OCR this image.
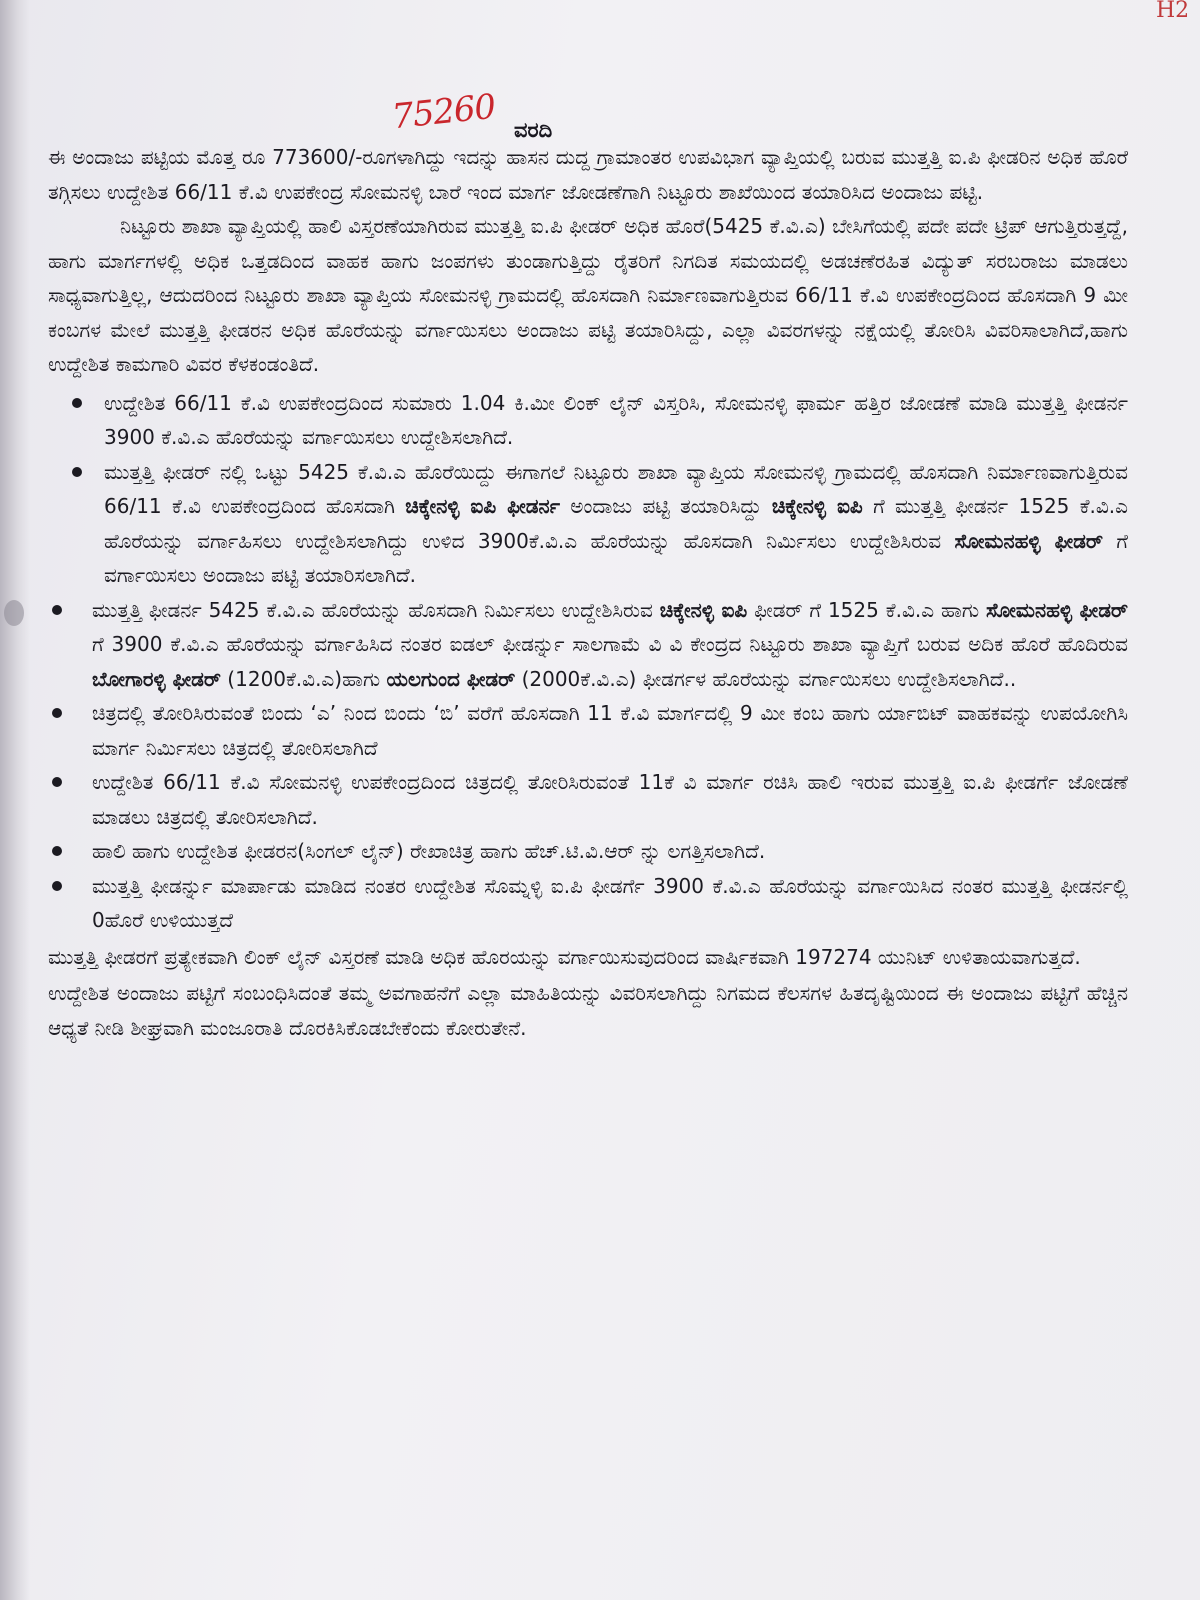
H2
75260 ವರದಿ

ಈ ಅಂದಾಜು ಪಟ್ಟಿಯ ಮೊತ್ತ ರೂ 773600/-ರೂಗಳಾಗಿದ್ದು ಇದನ್ನು ಹಾಸನ ದುದ್ದ ಗ್ರಾಮಾಂತರ ಉಪವಿಭಾಗ ವ್ಯಾಪ್ತಿಯಲ್ಲಿ ಬರುವ ಮುತ್ತತ್ತಿ ಐ.ಪಿ ಫೀಡರಿನ ಅಧಿಕ ಹೊರೆ ತಗ್ಗಿಸಲು ಉದ್ದೇಶಿತ 66/11 ಕೆ.ವಿ ಉಪಕೇಂದ್ರ ಸೋಮನಳ್ಳಿ ಬಾರೆ ಇಂದ ಮಾರ್ಗ ಜೋಡಣೆಗಾಗಿ ನಿಟ್ಟೂರು ಶಾಖೆಯಿಂದ ತಯಾರಿಸಿದ ಅಂದಾಜು ಪಟ್ಟಿ.

ನಿಟ್ಟೂರು ಶಾಖಾ ವ್ಯಾಪ್ತಿಯಲ್ಲಿ ಹಾಲಿ ವಿಸ್ತರಣೆಯಾಗಿರುವ ಮುತ್ತತ್ತಿ ಐ.ಪಿ ಫೀಡರ್ ಅಧಿಕ ಹೊರೆ(5425 ಕೆ.ವಿ.ಎ) ಬೇಸಿಗೆಯಲ್ಲಿ ಪದೇ ಪದೇ ಟ್ರಿಪ್ ಆಗುತ್ತಿರುತ್ತದ್ದೆ, ಹಾಗು ಮಾರ್ಗಗಳಲ್ಲಿ ಅಧಿಕ ಒತ್ತಡದಿಂದ ವಾಹಕ ಹಾಗು ಜಂಪಗಳು ತುಂಡಾಗುತ್ತಿದ್ದು ರೈತರಿಗೆ ನಿಗದಿತ ಸಮಯದಲ್ಲಿ ಅಡಚಣೆರಹಿತ ವಿದ್ಯುತ್ ಸರಬರಾಜು ಮಾಡಲು ಸಾಧ್ಯವಾಗುತ್ತಿಲ್ಲ, ಆದುದರಿಂದ ನಿಟ್ಟೂರು ಶಾಖಾ ವ್ಯಾಪ್ತಿಯ ಸೋಮನಳ್ಳಿ ಗ್ರಾಮದಲ್ಲಿ ಹೊಸದಾಗಿ ನಿರ್ಮಾಣವಾಗುತ್ತಿರುವ 66/11 ಕೆ.ವಿ ಉಪಕೇಂದ್ರದಿಂದ ಹೊಸದಾಗಿ 9 ಮೀ ಕಂಬಗಳ ಮೇಲೆ ಮುತ್ತತ್ತಿ ಫೀಡರನ ಅಧಿಕ ಹೊರೆಯನ್ನು ವರ್ಗಾಯಿಸಲು ಅಂದಾಜು ಪಟ್ಟಿ ತಯಾರಿಸಿದ್ದು, ಎಲ್ಲಾ ವಿವರಗಳನ್ನು ನಕ್ಷೆಯಲ್ಲಿ ತೋರಿಸಿ ವಿವರಿಸಾಲಾಗಿದೆ,ಹಾಗು ಉದ್ದೇಶಿತ ಕಾಮಗಾರಿ ವಿವರ ಕೆಳಕಂಡಂತಿದೆ.

ಉದ್ದೇಶಿತ 66/11 ಕೆ.ವಿ ಉಪಕೇಂದ್ರದಿಂದ ಸುಮಾರು 1.04 ಕಿ.ಮೀ ಲಿಂಕ್ ಲೈನ್ ವಿಸ್ತರಿಸಿ, ಸೋಮನಳ್ಳಿ ಫಾರ್ಮ ಹತ್ತಿರ ಜೋಡಣೆ ಮಾಡಿ ಮುತ್ತತ್ತಿ ಫೀಡರ್ನ 3900 ಕೆ.ವಿ.ಎ ಹೊರೆಯನ್ನು ವರ್ಗಾಯಿಸಲು ಉದ್ದೇಶಿಸಲಾಗಿದೆ.
ಮುತ್ತತ್ತಿ ಫೀಡರ್ ನಲ್ಲಿ ಒಟ್ಟು 5425 ಕೆ.ವಿ.ಎ ಹೊರೆಯಿದ್ದು ಈಗಾಗಲೆ ನಿಟ್ಟೂರು ಶಾಖಾ ವ್ಯಾಪ್ತಿಯ ಸೋಮನಳ್ಳಿ ಗ್ರಾಮದಲ್ಲಿ ಹೊಸದಾಗಿ ನಿರ್ಮಾಣವಾಗುತ್ತಿರುವ 66/11 ಕೆ.ವಿ ಉಪಕೇಂದ್ರದಿಂದ ಹೊಸದಾಗಿ ಚಿಕ್ಕೇನಳ್ಳಿ ಐಪಿ ಫೀಡರ್ನ ಅಂದಾಜು ಪಟ್ಟಿ ತಯಾರಿಸಿದ್ದು ಚಿಕ್ಕೇನಳ್ಳಿ ಐಪಿ ಗೆ ಮುತ್ತತ್ತಿ ಫೀಡರ್ನ 1525 ಕೆ.ವಿ.ಎ ಹೊರೆಯನ್ನು ವರ್ಗಾಹಿಸಲು ಉದ್ದೇಶಿಸಲಾಗಿದ್ದು ಉಳಿದ 3900ಕೆ.ವಿ.ಎ ಹೊರೆಯನ್ನು ಹೊಸದಾಗಿ ನಿರ್ಮಿಸಲು ಉದ್ದೇಶಿಸಿರುವ ಸೋಮನಹಳ್ಳಿ ಫೀಡರ್ ಗೆ ವರ್ಗಾಯಿಸಲು ಅಂದಾಜು ಪಟ್ಟಿ ತಯಾರಿಸಲಾಗಿದೆ.
ಮುತ್ತತ್ತಿ ಫೀಡರ್ನ 5425 ಕೆ.ವಿ.ಎ ಹೊರೆಯನ್ನು ಹೊಸದಾಗಿ ನಿರ್ಮಿಸಲು ಉದ್ದೇಶಿಸಿರುವ ಚಿಕ್ಕೇನಳ್ಳಿ ಐಪಿ ಫೀಡರ್ ಗೆ 1525 ಕೆ.ವಿ.ಎ ಹಾಗು ಸೋಮನಹಳ್ಳಿ ಫೀಡರ್ ಗೆ 3900 ಕೆ.ವಿ.ಎ ಹೊರೆಯನ್ನು ವರ್ಗಾಹಿಸಿದ ನಂತರ ಐಡಲ್ ಫೀಡರ್ನ್ನು ಸಾಲಗಾಮೆ ವಿ ವಿ ಕೇಂದ್ರದ ನಿಟ್ಟೂರು ಶಾಖಾ ವ್ಯಾಪ್ತಿಗೆ ಬರುವ ಅದಿಕ ಹೊರೆ ಹೊದಿರುವ ಬೋಗಾರಳ್ಳಿ ಫೀಡರ್ (1200ಕೆ.ವಿ.ಎ)ಹಾಗು ಯಲಗುಂದ ಫೀಡರ್ (2000ಕೆ.ವಿ.ಎ) ಫೀಡರ್ಗಳ ಹೊರೆಯನ್ನು ವರ್ಗಾಯಿಸಲು ಉದ್ದೇಶಿಸಲಾಗಿದೆ..
ಚಿತ್ರದಲ್ಲಿ ತೋರಿಸಿರುವಂತೆ ಬಿಂದು ‘ಎ’ ನಿಂದ ಬಿಂದು ‘ಬಿ’ ವರೆಗೆ ಹೊಸದಾಗಿ 11 ಕೆ.ವಿ ಮಾರ್ಗದಲ್ಲಿ 9 ಮೀ ಕಂಬ ಹಾಗು ರ್ಯಾಬಿಟ್ ವಾಹಕವನ್ನು ಉಪಯೋಗಿಸಿ ಮಾರ್ಗ ನಿರ್ಮಿಸಲು ಚಿತ್ರದಲ್ಲಿ ತೋರಿಸಲಾಗಿದೆ
ಉದ್ದೇಶಿತ 66/11 ಕೆ.ವಿ ಸೋಮನಳ್ಳಿ ಉಪಕೇಂದ್ರದಿಂದ ಚಿತ್ರದಲ್ಲಿ ತೋರಿಸಿರುವಂತೆ 11ಕೆ ವಿ ಮಾರ್ಗ ರಚಿಸಿ ಹಾಲಿ ಇರುವ ಮುತ್ತತ್ತಿ ಐ.ಪಿ ಫೀಡರ್ಗೆ ಜೋಡಣೆ ಮಾಡಲು ಚಿತ್ರದಲ್ಲಿ ತೋರಿಸಲಾಗಿದೆ.
ಹಾಲಿ ಹಾಗು ಉದ್ದೇಶಿತ ಫೀಡರನ(ಸಿಂಗಲ್ ಲೈನ್) ರೇಖಾಚಿತ್ರ ಹಾಗು ಹೆಚ್.ಟಿ.ವಿ.ಆರ್ ನ್ನು ಲಗತ್ತಿಸಲಾಗಿದೆ.
ಮುತ್ತತ್ತಿ ಫೀಡರ್ನ್ನು ಮಾರ್ಪಾಡು ಮಾಡಿದ ನಂತರ ಉದ್ದೇಶಿತ ಸೊಮ್ನಳ್ಳಿ ಐ.ಪಿ ಫೀಡರ್ಗೆ 3900 ಕೆ.ವಿ.ಎ ಹೊರೆಯನ್ನು ವರ್ಗಾಯಿಸಿದ ನಂತರ ಮುತ್ತತ್ತಿ ಫೀಡರ್ನಲ್ಲಿ 0ಹೊರೆ ಉಳಿಯುತ್ತದೆ

ಮುತ್ತತ್ತಿ ಫೀಡರಗೆ ಪ್ರತ್ಯೇಕವಾಗಿ ಲಿಂಕ್ ಲೈನ್ ವಿಸ್ತರಣೆ ಮಾಡಿ ಅಧಿಕ ಹೊರಯನ್ನು ವರ್ಗಾಯಿಸುವುದರಿಂದ ವಾರ್ಷಿಕವಾಗಿ 197274 ಯುನಿಟ್ ಉಳಿತಾಯವಾಗುತ್ತದೆ.

ಉದ್ದೇಶಿತ ಅಂದಾಜು ಪಟ್ಟಿಗೆ ಸಂಬಂಧಿಸಿದಂತೆ ತಮ್ಮ ಅವಗಾಹನೆಗೆ ಎಲ್ಲಾ ಮಾಹಿತಿಯನ್ನು ವಿವರಿಸಲಾಗಿದ್ದು ನಿಗಮದ ಕೆಲಸಗಳ ಹಿತದೃಷ್ಟಿಯಿಂದ ಈ ಅಂದಾಜು ಪಟ್ಟಿಗೆ ಹೆಚ್ಚಿನ ಆಧ್ಯತೆ ನೀಡಿ ಶೀಘ್ರವಾಗಿ ಮಂಜೂರಾತಿ ದೊರಕಿಸಿಕೊಡಬೇಕೆಂದು ಕೋರುತೇನೆ.
